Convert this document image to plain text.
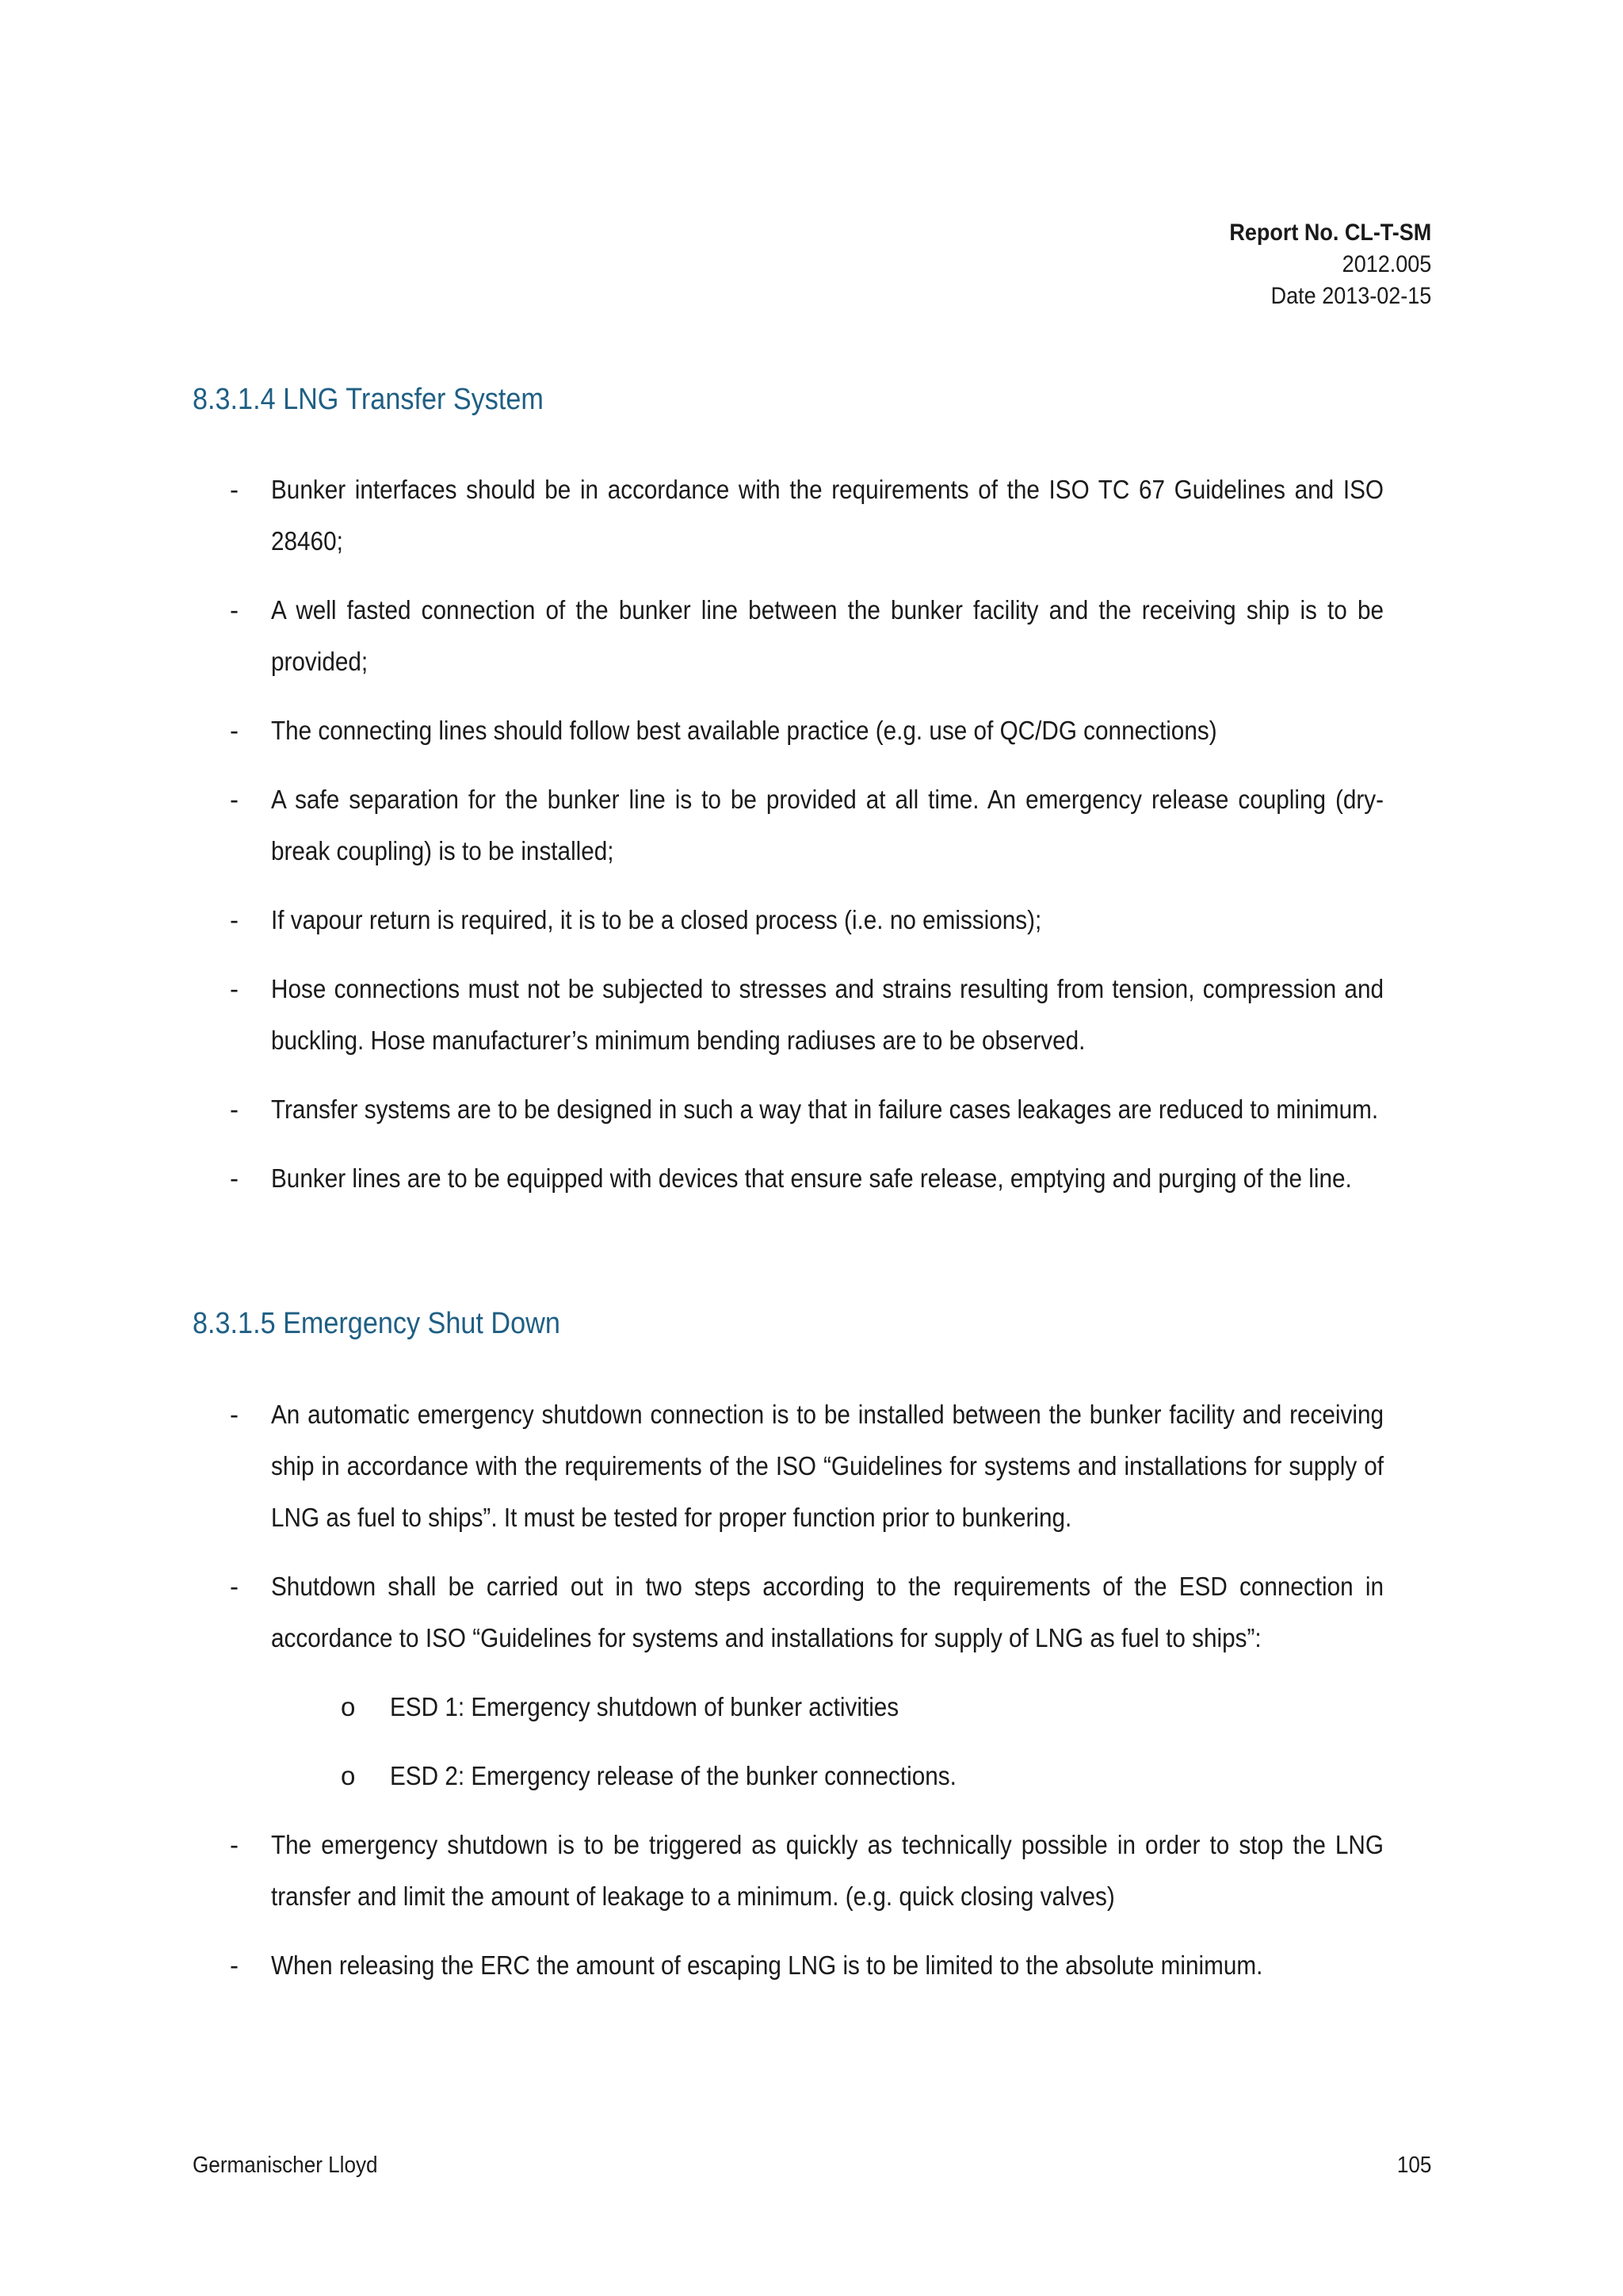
Report No. CL-T-SM
2012.005
Date 2013-02-15
8.3.1.4 LNG Transfer System
- Bunker interfaces should be in accordance with the requirements of the ISO TC 67 Guidelines and ISO 28460;
- A well fasted connection of the bunker line between the bunker facility and the receiving ship is to be provided;
- The connecting lines should follow best available practice (e.g. use of QC/DG connections)
- A safe separation for the bunker line is to be provided at all time. An emergency release coupling (dry-break coupling) is to be installed;
- If vapour return is required, it is to be a closed process (i.e. no emissions);
- Hose connections must not be subjected to stresses and strains resulting from tension, compression and buckling. Hose manufacturer’s minimum bending radiuses are to be observed.
- Transfer systems are to be designed in such a way that in failure cases leakages are reduced to minimum.
- Bunker lines are to be equipped with devices that ensure safe release, emptying and purging of the line.
8.3.1.5 Emergency Shut Down
- An automatic emergency shutdown connection is to be installed between the bunker facility and receiving ship in accordance with the requirements of the ISO “Guidelines for systems and installations for supply of LNG as fuel to ships”. It must be tested for proper function prior to bunkering.
- Shutdown shall be carried out in two steps according to the requirements of the ESD connection in accordance to ISO “Guidelines for systems and installations for supply of LNG as fuel to ships”:
o ESD 1: Emergency shutdown of bunker activities
o ESD 2: Emergency release of the bunker connections.
- The emergency shutdown is to be triggered as quickly as technically possible in order to stop the LNG transfer and limit the amount of leakage to a minimum. (e.g. quick closing valves)
- When releasing the ERC the amount of escaping LNG is to be limited to the absolute minimum.
Germanischer Lloyd	105
